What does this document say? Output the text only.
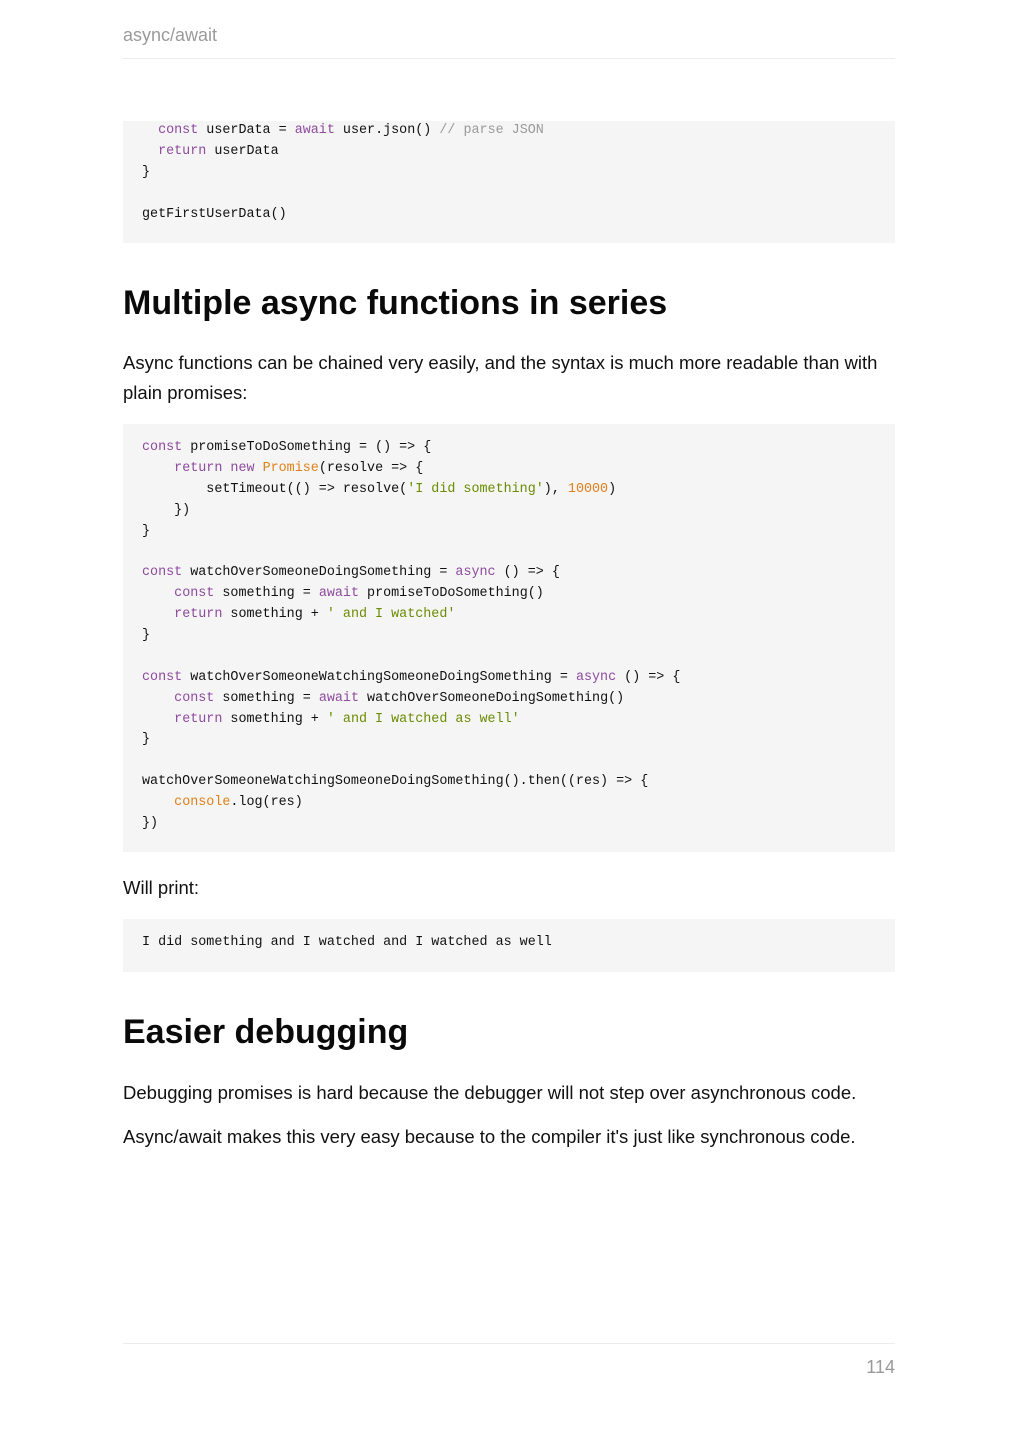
async/await
const userData = await user.json() // parse JSON
return userData
}
getFirstUserData()
Multiple async functions in series

Async functions can be chained very easily, and the syntax is much more readable than with plain promises:

const promiseToDoSomething = () => {
return new Promise(resolve => {
setTimeout(() => resolve('I did something'), 10000)
})
}
const watchOverSomeoneDoingSomething = async () => {
const something = await promiseToDoSomething()
return something + ' and I watched'
}
const watchOverSomeoneWatchingSomeoneDoingSomething = async () => {
const something = await watchOverSomeoneDoingSomething()
return something + ' and I watched as well'
}
watchOverSomeoneWatchingSomeoneDoingSomething().then((res) => {
console.log(res)
})

Will print:

I did something and I watched and I watched as well
Easier debugging

Debugging promises is hard because the debugger will not step over asynchronous code.

Async/await makes this very easy because to the compiler it's just like synchronous code.

114
